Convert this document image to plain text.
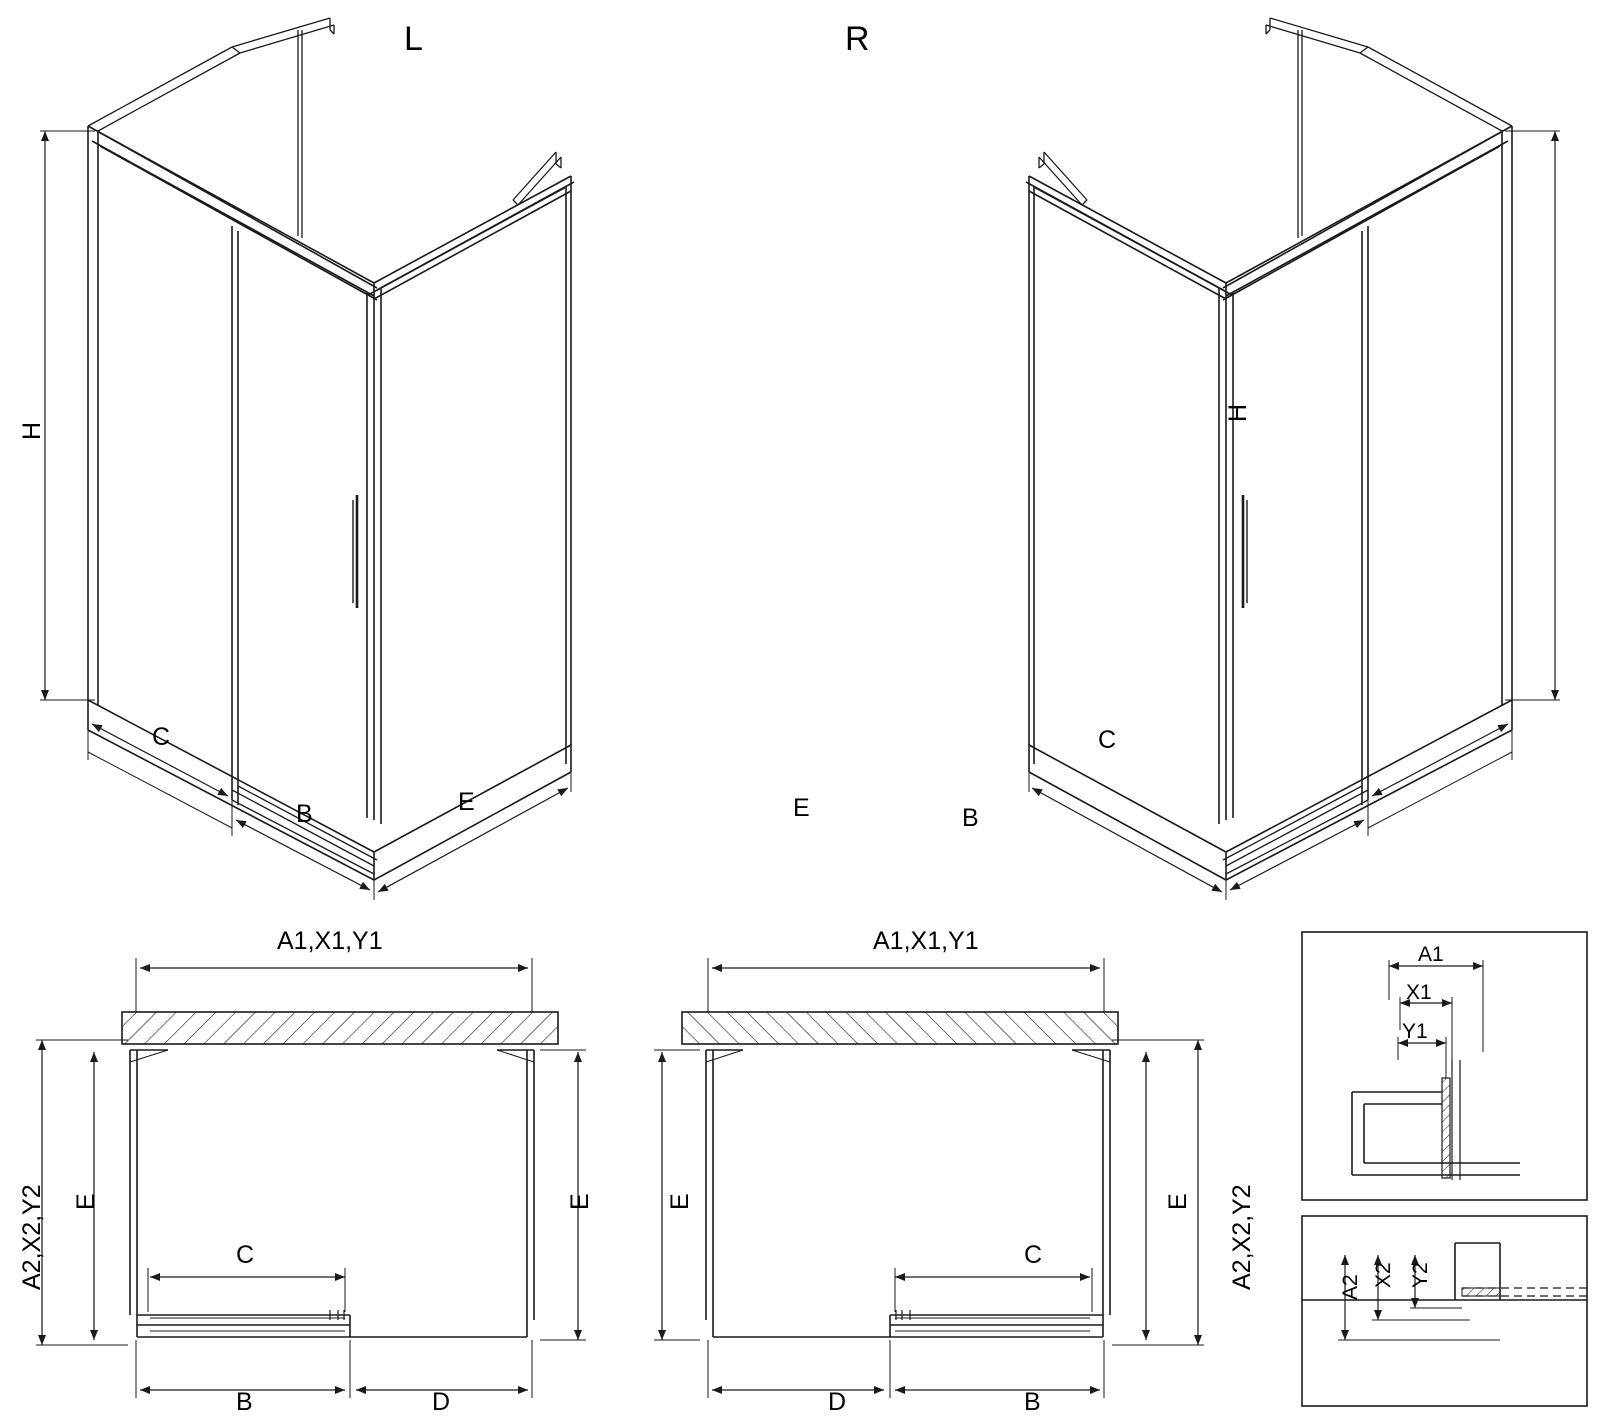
L	R
H
C
B	E
H
C
B
E
A1,X1,Y1
A2,X2,Y2 E	E
C
B	D
A1,X1,Y1
A2,X2,Y2
E	E
C
B
D
A1
X1
Y1
A2 X2 Y2
